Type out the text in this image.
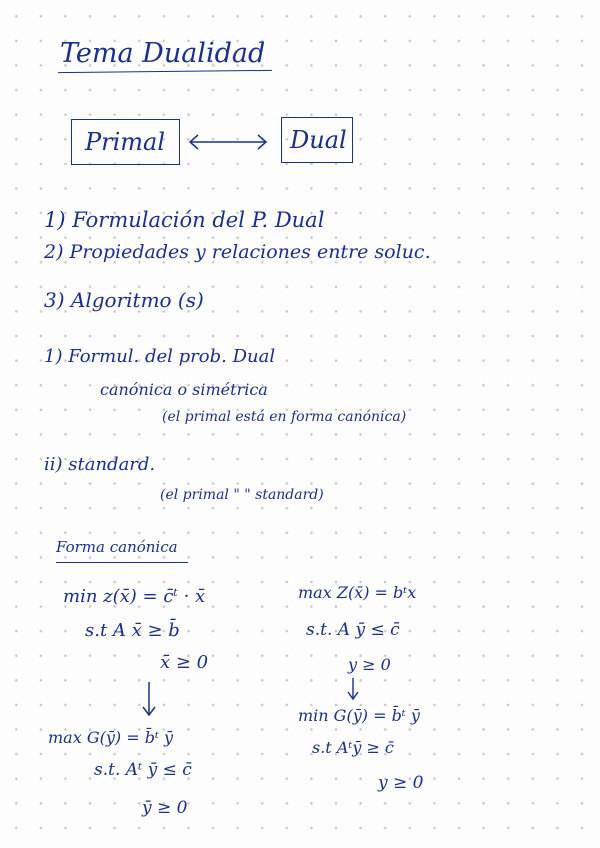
Tema Dualidad
Primal	Dual
1) Formulación del P. Dual
2) Propiedades y relaciones entre soluc.
3) Algoritmo (s)
1) Formul. del prob. Dual
canónica o simétrica
(el primal está en forma canónica)
ii) standard.
(el primal " " standard)
Forma canónica
min z(x̄) = c̄ᵗ · x̄
s.t A x̄ ≥ b̄
x̄ ≥ 0
max G(ȳ) = b̄ᵗ ȳ
s.t. Aᵗ ȳ ≤ c̄
ȳ ≥ 0
max Z(x̄) = bᵗx
s.t. A ȳ ≤ c̄
y ≥ 0
min G(ȳ) = b̄ᵗ ȳ
s.t Aᵗȳ ≥ c̄
y ≥ 0
